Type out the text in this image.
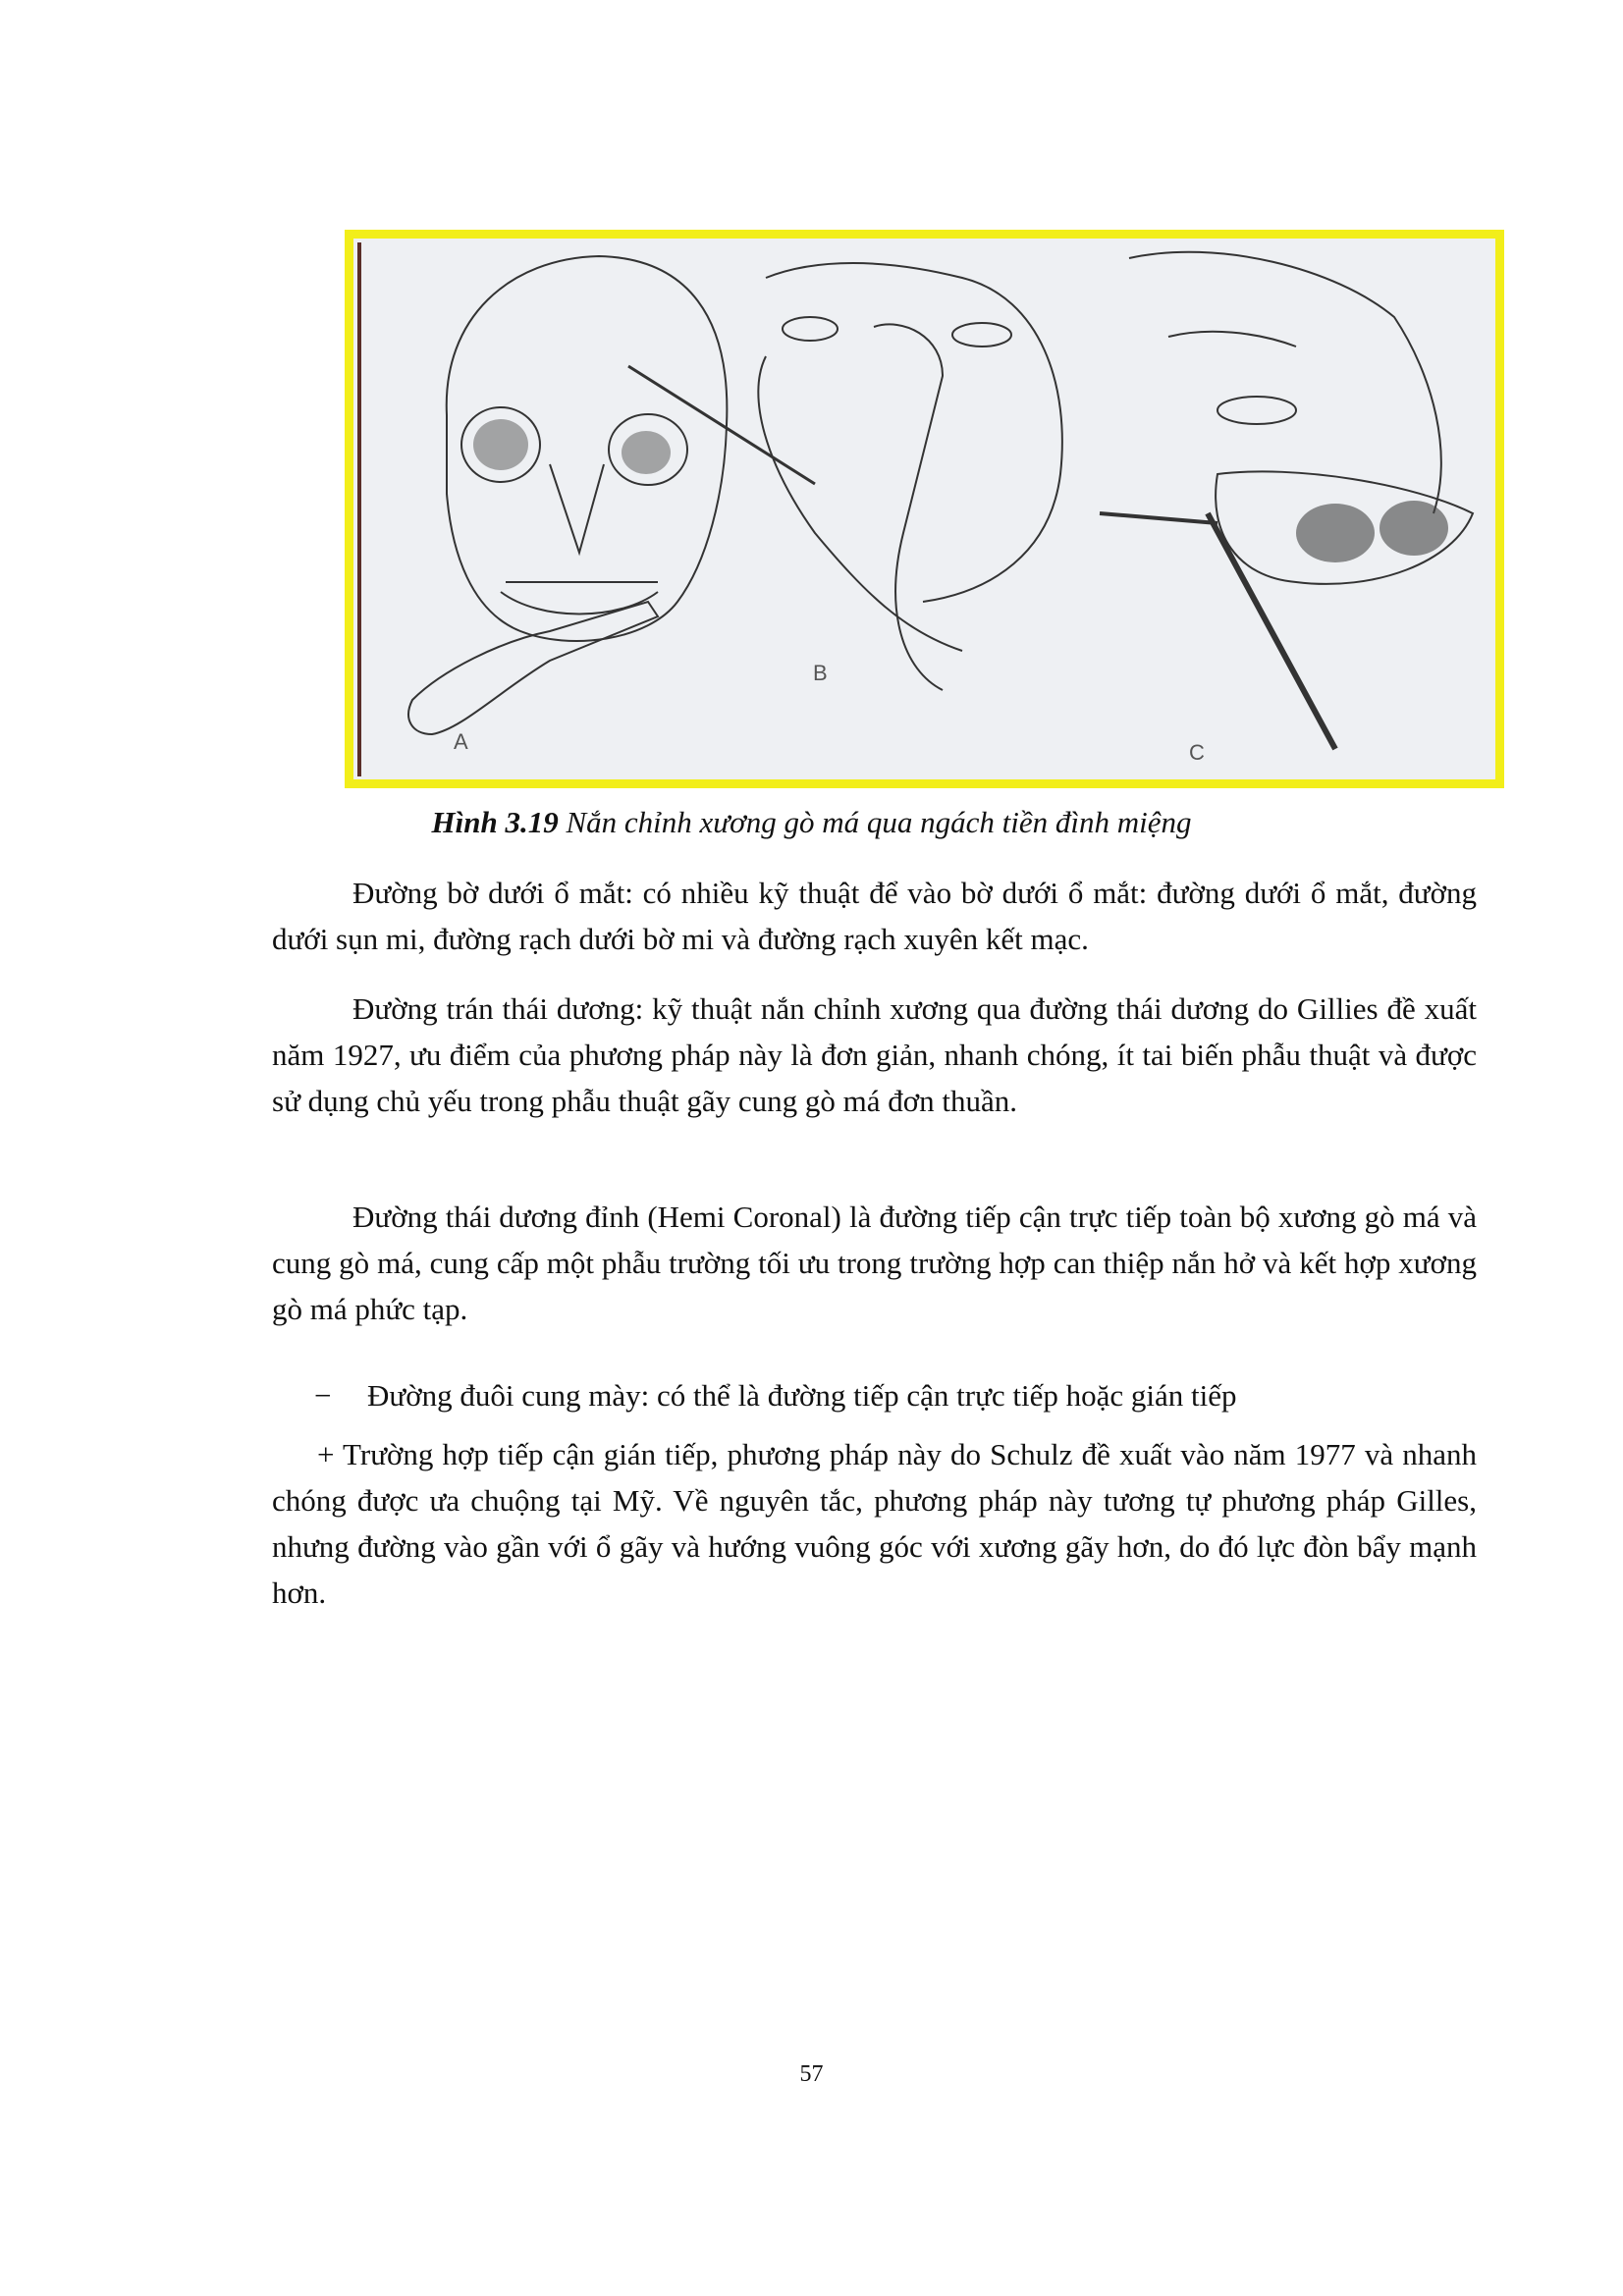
A
B
C
Hình 3.19 Nắn chỉnh xương gò má qua ngách tiền đình miệng

Đường bờ dưới ổ mắt: có nhiều kỹ thuật để vào bờ dưới ổ mắt: đường dưới ổ mắt, đường dưới sụn mi, đường rạch dưới bờ mi và đường rạch xuyên kết mạc.

Đường trán thái dương: kỹ thuật nắn chỉnh xương qua đường thái dương do Gillies đề xuất năm 1927, ưu điểm của phương pháp này là đơn giản, nhanh chóng, ít tai biến phẫu thuật và được sử dụng chủ yếu trong phẫu thuật gãy cung gò má đơn thuần.

Đường thái dương đỉnh (Hemi Coronal) là đường tiếp cận trực tiếp toàn bộ xương gò má và cung gò má, cung cấp một phẫu trường tối ưu trong trường hợp can thiệp nắn hở và kết hợp xương gò má phức tạp.

− Đường đuôi cung mày: có thể là đường tiếp cận trực tiếp hoặc gián tiếp

+ Trường hợp tiếp cận gián tiếp, phương pháp này do Schulz đề xuất vào năm 1977 và nhanh chóng được ưa chuộng tại Mỹ. Về nguyên tắc, phương pháp này tương tự phương pháp Gilles, nhưng đường vào gần với ổ gãy và hướng vuông góc với xương gãy hơn, do đó lực đòn bẩy mạnh hơn.

57
